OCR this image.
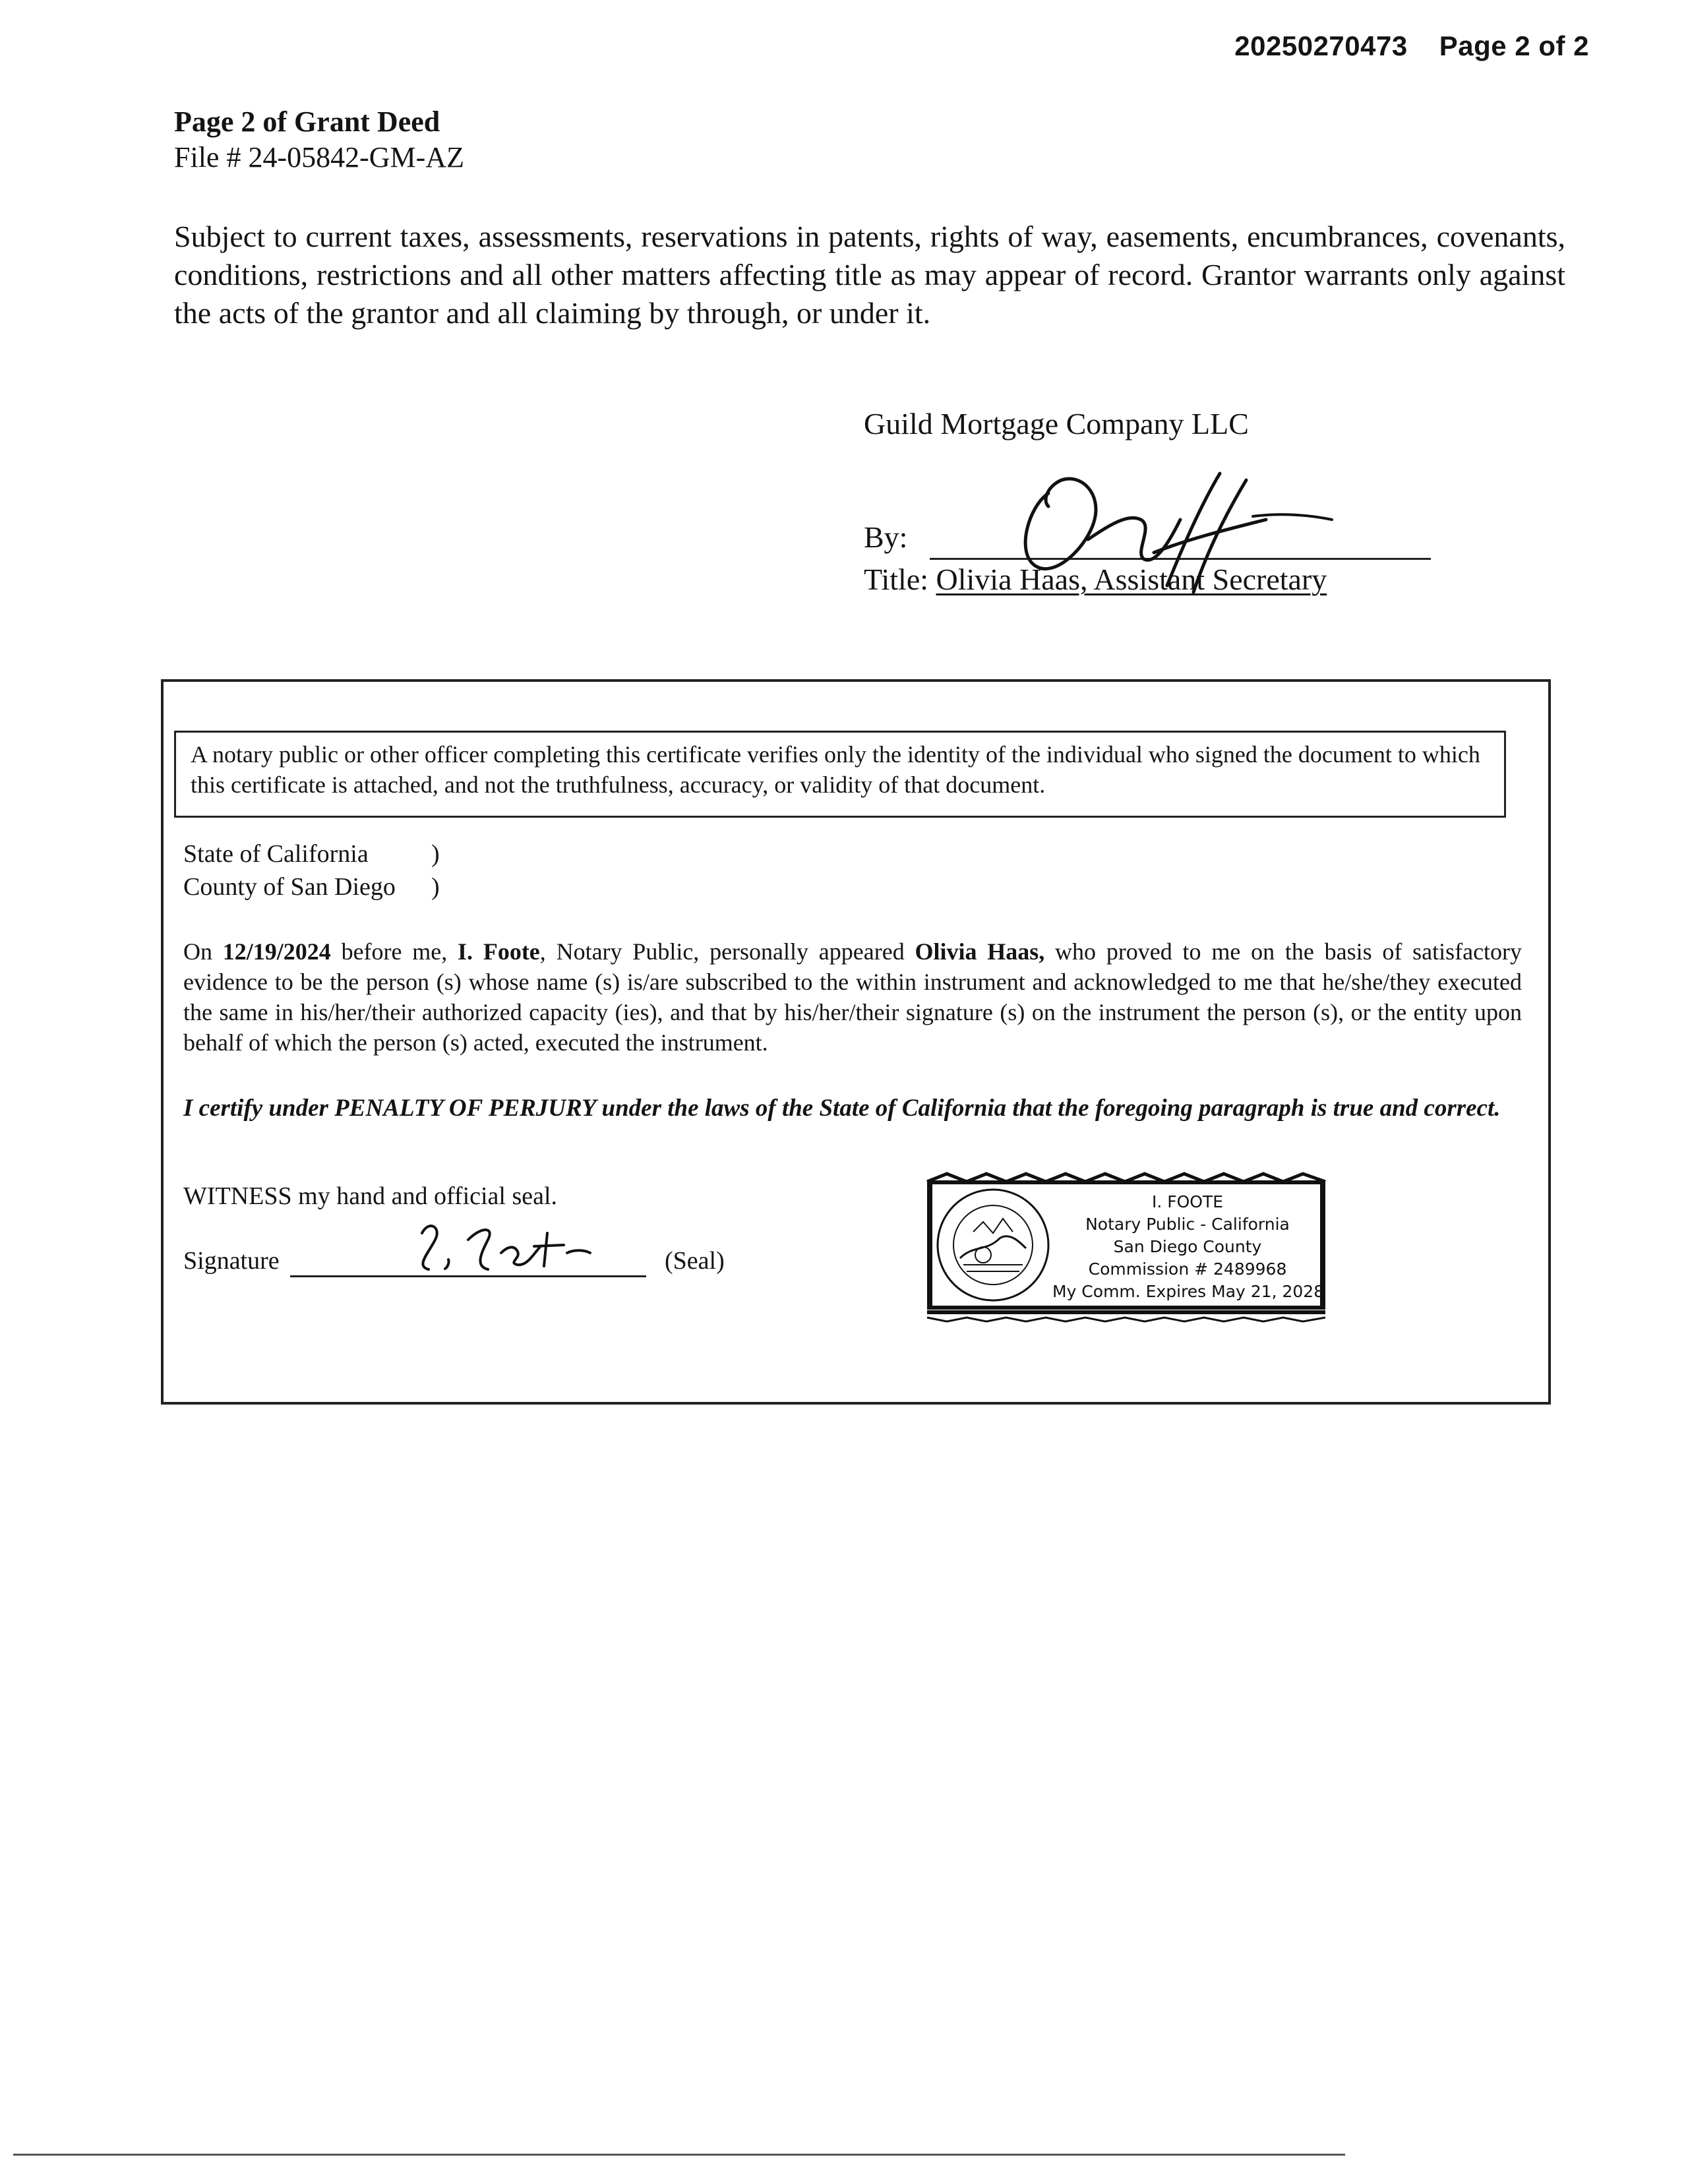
20250270473 Page 2 of 2
Page 2 of Grant Deed
File # 24-05842-GM-AZ
Subject to current taxes, assessments, reservations in patents, rights of way, easements, encumbrances, covenants, conditions, restrictions and all other matters affecting title as may appear of record. Grantor warrants only against the acts of the grantor and all claiming by through, or under it.
Guild Mortgage Company LLC
By:
Title: Olivia Haas, Assistant Secretary
A notary public or other officer completing this certificate verifies only the identity of the individual who signed the document to which this certificate is attached, and not the truthfulness, accuracy, or validity of that document.
State of California
County of San Diego
)
)
On 12/19/2024 before me, I. Foote, Notary Public, personally appeared Olivia Haas, who proved to me on the basis of satisfactory evidence to be the person (s) whose name (s) is/are subscribed to the within instrument and acknowledged to me that he/she/they executed the same in his/her/their authorized capacity (ies), and that by his/her/their signature (s) on the instrument the person (s), or the entity upon behalf of which the person (s) acted, executed the instrument.
I certify under PENALTY OF PERJURY under the laws of the State of California that the foregoing paragraph is true and correct.
WITNESS my hand and official seal.
Signature	(Seal)
I. FOOTE
Notary Public - California
San Diego County
Commission # 2489968
My Comm. Expires May 21, 2028
